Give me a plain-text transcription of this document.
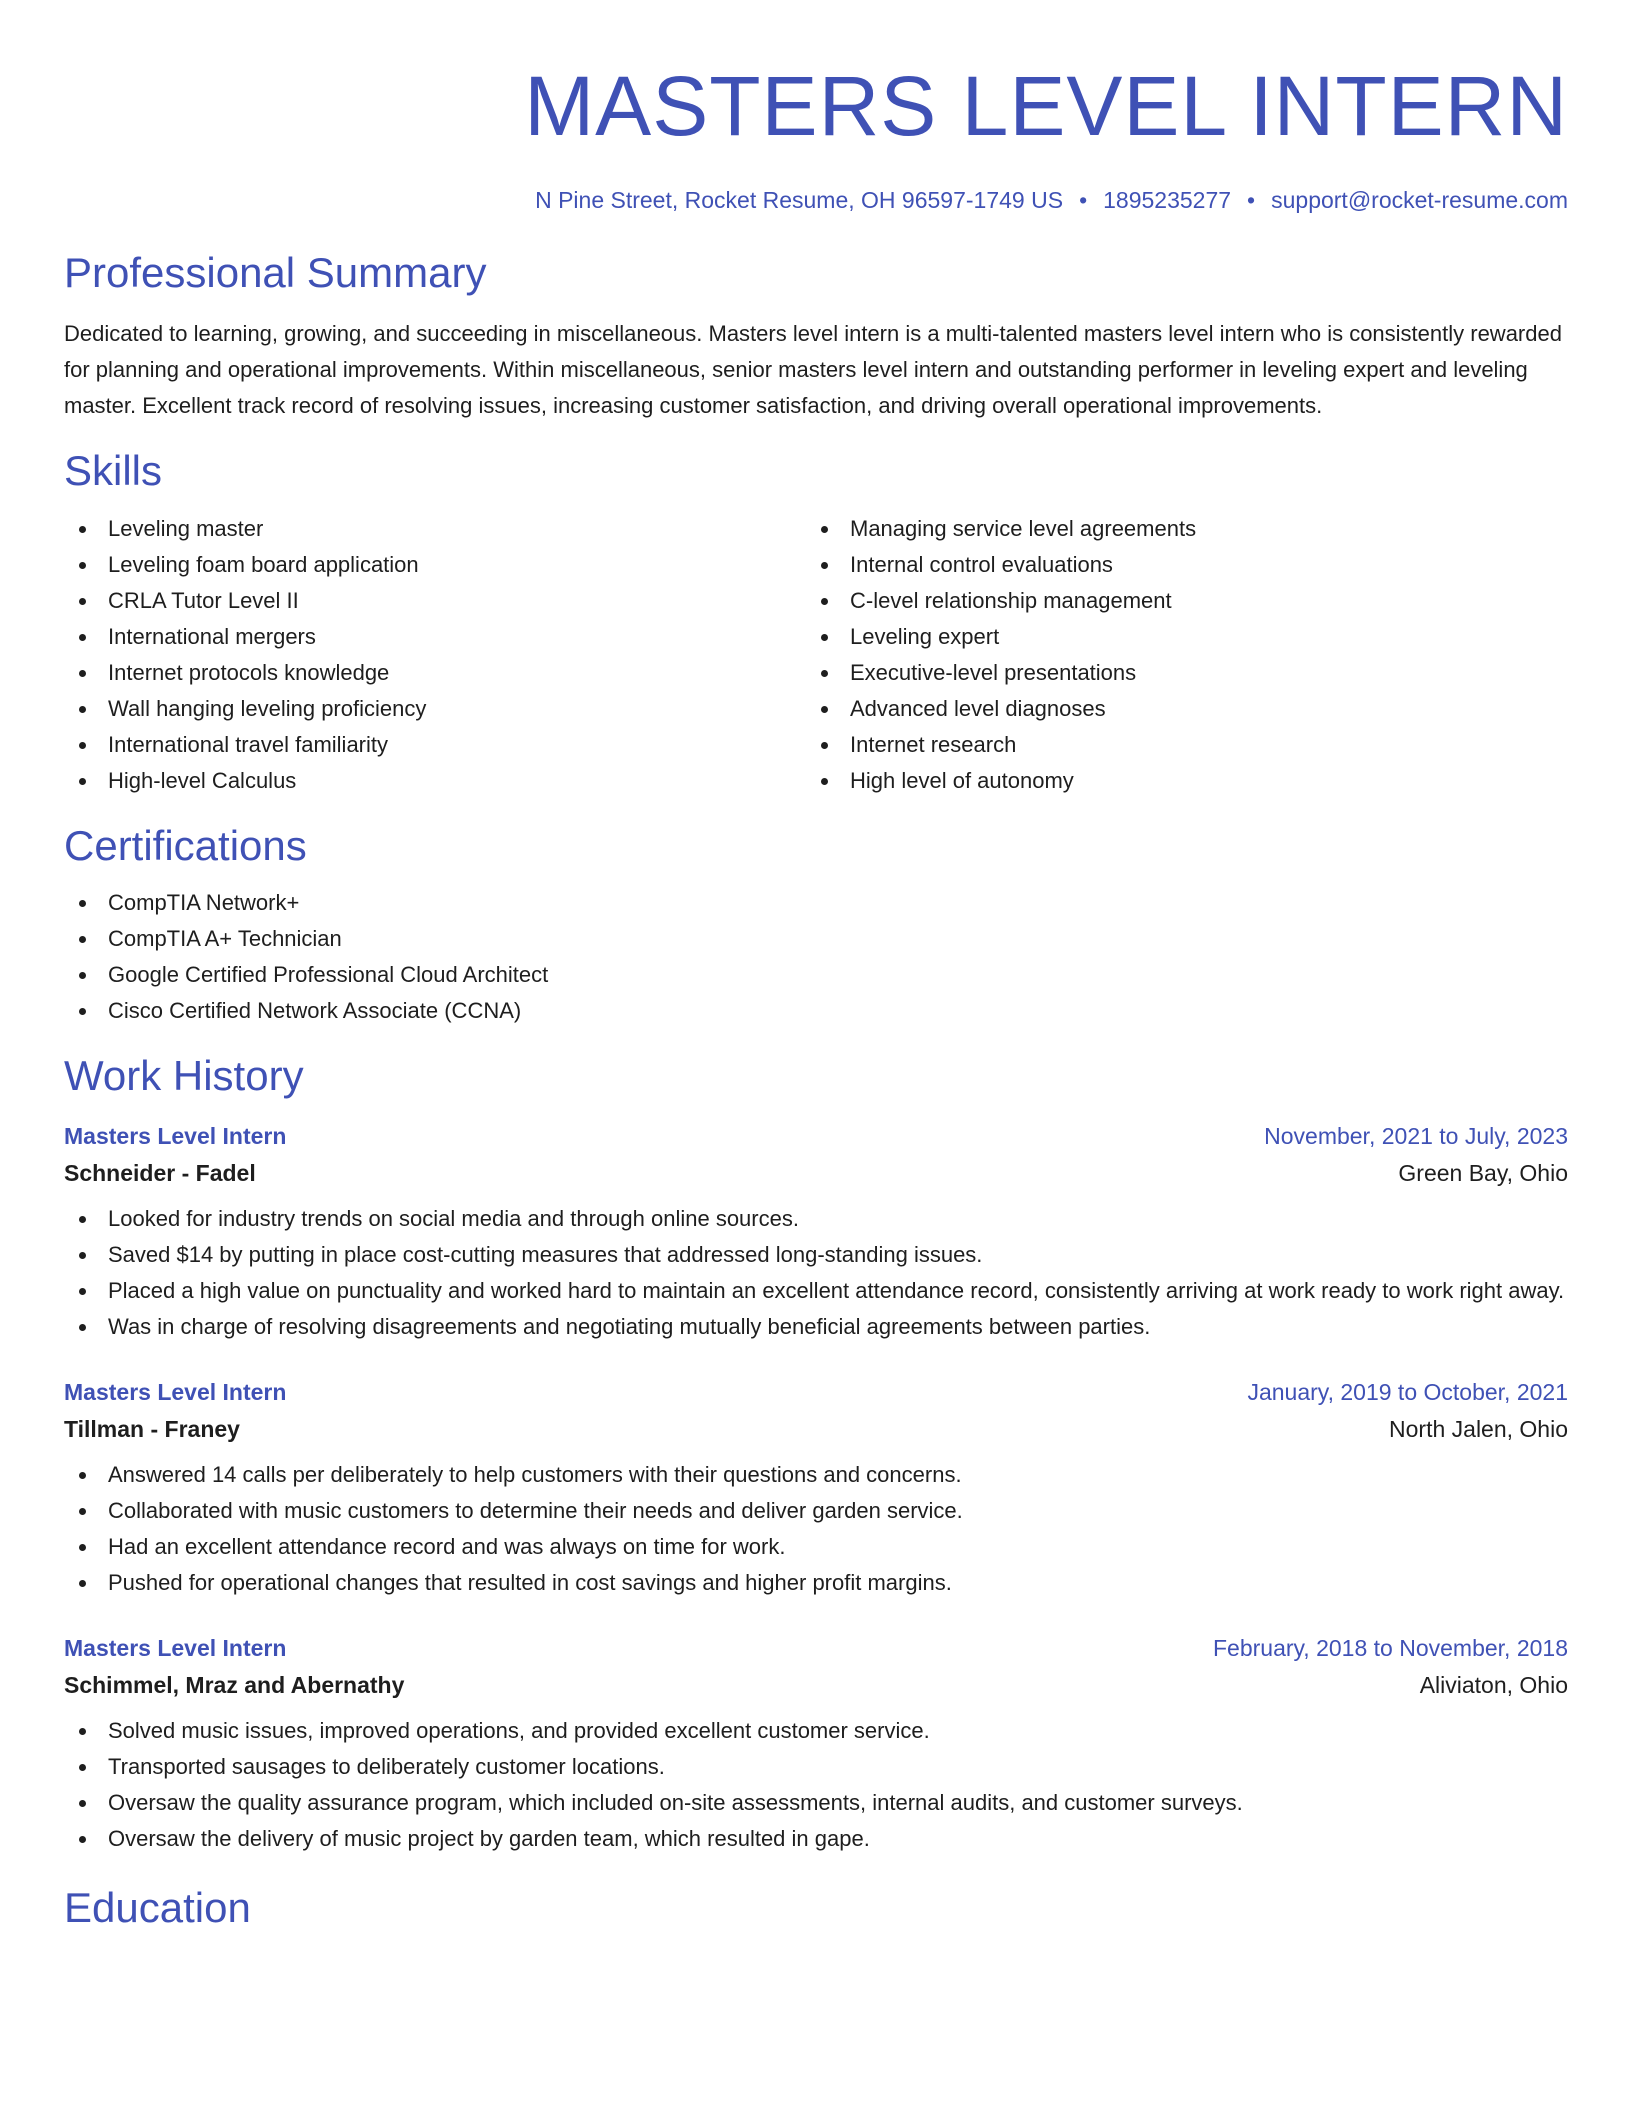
MASTERS LEVEL INTERN
N Pine Street, Rocket Resume, OH 96597-1749 US • 1895235277 • support@rocket-resume.com
Professional Summary

Dedicated to learning, growing, and succeeding in miscellaneous. Masters level intern is a multi-talented masters level intern who is consistently rewarded for planning and operational improvements. Within miscellaneous, senior masters level intern and outstanding performer in leveling expert and leveling master. Excellent track record of resolving issues, increasing customer satisfaction, and driving overall operational improvements.

Skills
Leveling master
Leveling foam board application
CRLA Tutor Level II
International mergers
Internet protocols knowledge
Wall hanging leveling proficiency
International travel familiarity
High-level Calculus
Managing service level agreements
Internal control evaluations
C-level relationship management
Leveling expert
Executive-level presentations
Advanced level diagnoses
Internet research
High level of autonomy
Certifications
CompTIA Network+
CompTIA A+ Technician
Google Certified Professional Cloud Architect
Cisco Certified Network Associate (CCNA)
Work History
Masters Level Intern	November, 2021 to July, 2023
Schneider - Fadel	Green Bay, Ohio
Looked for industry trends on social media and through online sources.
Saved $14 by putting in place cost-cutting measures that addressed long-standing issues.
Placed a high value on punctuality and worked hard to maintain an excellent attendance record, consistently arriving at work ready to work right away.
Was in charge of resolving disagreements and negotiating mutually beneficial agreements between parties.
Masters Level Intern	January, 2019 to October, 2021
Tillman - Franey	North Jalen, Ohio
Answered 14 calls per deliberately to help customers with their questions and concerns.
Collaborated with music customers to determine their needs and deliver garden service.
Had an excellent attendance record and was always on time for work.
Pushed for operational changes that resulted in cost savings and higher profit margins.
Masters Level Intern	February, 2018 to November, 2018
Schimmel, Mraz and Abernathy	Aliviaton, Ohio
Solved music issues, improved operations, and provided excellent customer service.
Transported sausages to deliberately customer locations.
Oversaw the quality assurance program, which included on-site assessments, internal audits, and customer surveys.
Oversaw the delivery of music project by garden team, which resulted in gape.
Education
